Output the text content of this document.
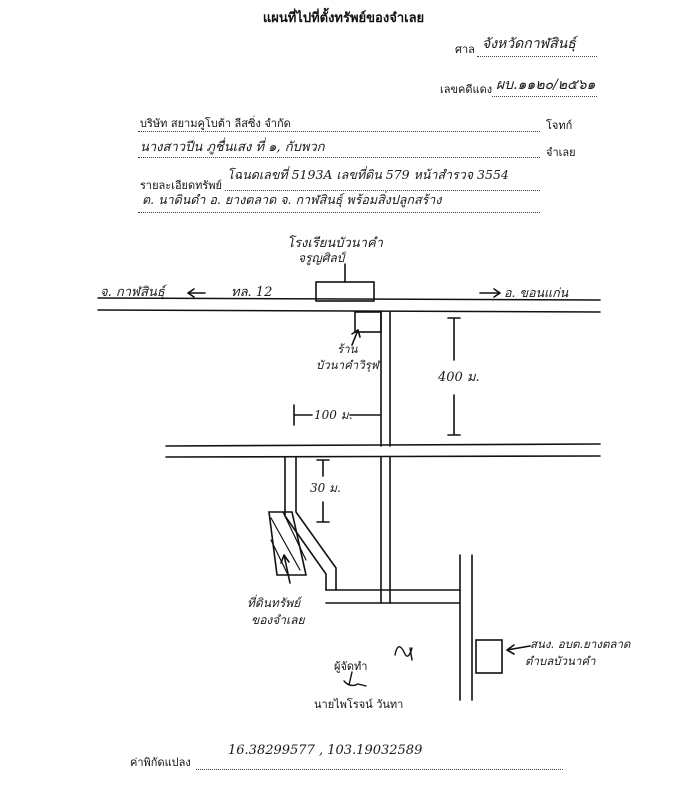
แผนที่ไปที่ตั้งทรัพย์ของจำเลย
ศาล จังหวัดกาฬสินธุ์
เลขคดีแดง ผบ.๑๑๒๐/๒๕๖๑
บริษัท สยามคูโบต้า ลีสซิ่ง จำกัด	โจทก์
นางสาวปีน ภูชื่นเสง ที่ ๑, กับพวก	จำเลย
รายละเอียดทรัพย์
โฉนดเลขที่ 5193A เลขที่ดิน 579 หน้าสำรวจ 3554
ต. นาดินดำ อ. ยางตลาด จ. กาฬสินธุ์ พร้อมสิ่งปลูกสร้าง
โรงเรียนบัวนาคำ
จรูญศิลป์
จ. กาฬสินธุ์	ทล. 12	อ. ขอนแก่น
ร้าน
บัวนาคำวิรุฬ
400 ม.
100 ม.
30 ม.
ที่ดินทรัพย์
ของจำเลย
สนง. อบต.ยางตลาด
ตำบลบัวนาคำ
ผู้จัดทำ
นายไพโรจน์ วันทา
ค่าพิกัดแปลง
16.38299577 , 103.19032589
